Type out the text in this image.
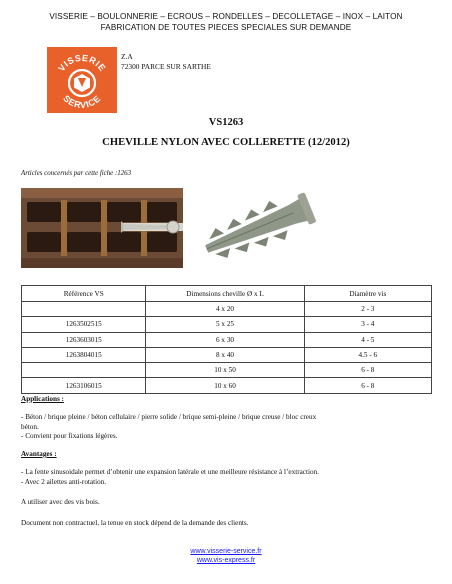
VISSERIE – BOULONNERIE – ECROUS – RONDELLES – DECOLLETAGE – INOX – LAITON
FABRICATION DE TOUTES PIECES SPECIALES SUR DEMANDE
VISSERIE
SERVICE
Z.A
72300 PARCE SUR SARTHE
VS1263
CHEVILLE NYLON AVEC COLLERETTE (12/2012)
Articles concernés par cette fiche :1263
Référence VS	Dimensions cheville Ø x L	Diamètre vis
	4 x 20	2 - 3
1263502515	5 x 25	3 - 4
1263603015	6 x 30	4 - 5
1263804015	8 x 40	4.5 - 6
	10 x 50	6 - 8
1263106015	10 x 60	6 - 8
Applications :
- Béton / brique pleine / béton cellulaire / pierre solide / brique semi-pleine / brique creuse / bloc creux
béton.
- Convient pour fixations légères.
Avantages :
- La fente sinusoidale permet d’obtenir une expansion latérale et une meilleure résistance à l’extraction.
- Avec 2 ailettes anti-rotation.
A utiliser avec des vis bois.
Document non contractuel, la tenue en stock dépend de la demande des clients.
www.visserie-service.fr
www.vis-express.fr
